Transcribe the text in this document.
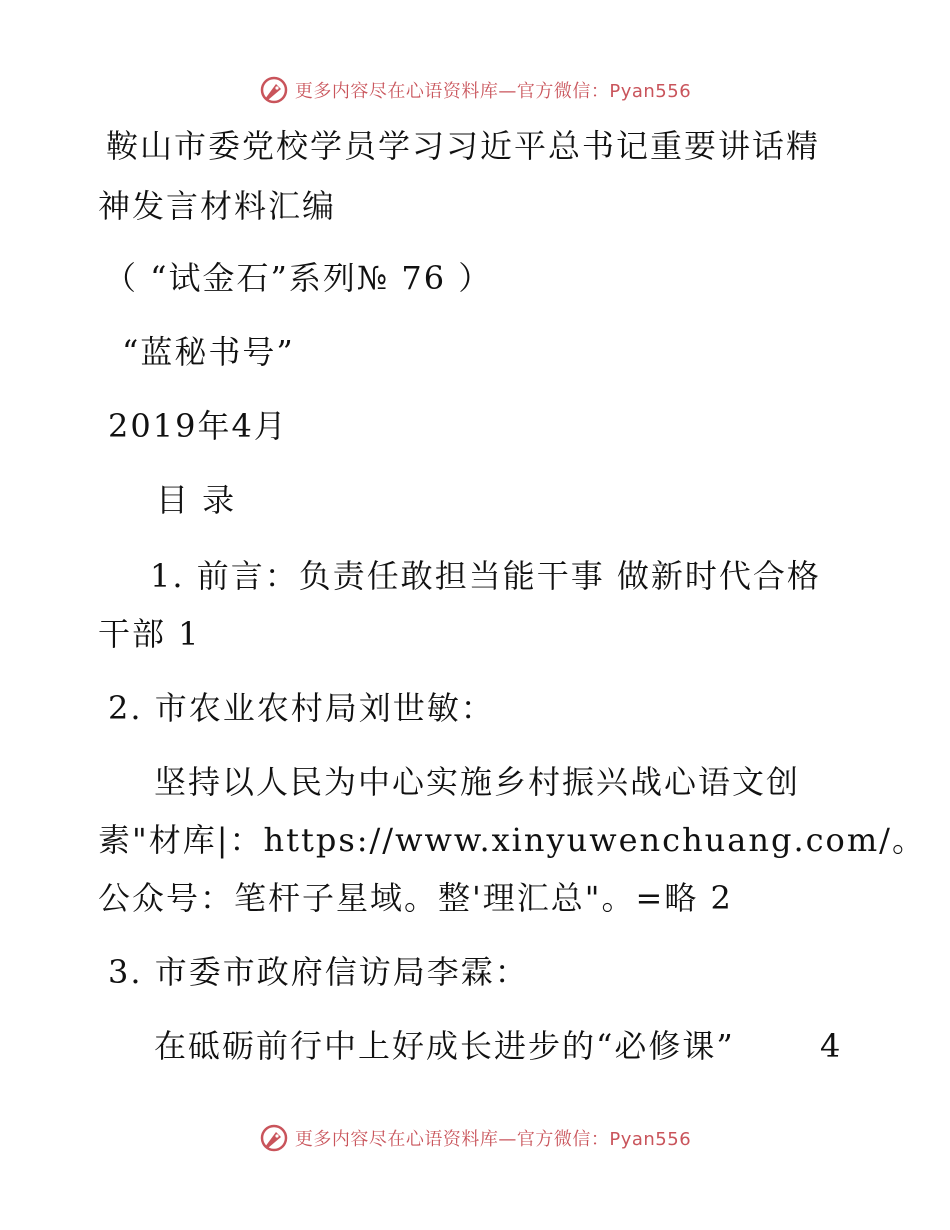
更多内容尽在心语资料库—官方微信：Pyan556
鞍山市委党校学员学习习近平总书记重要讲话精
神发言材料汇编
（ “试金石”系列№ 76 ）
“蓝秘书号”
2019年4月
目 录
1. 前言：负责任敢担当能干事 做新时代合格
干部 1
2. 市农业农村局刘世敏：
坚持以人民为中心实施乡村振兴战心语文创
素"材库|：https://www.xinyuwenchuang.com/。
公众号：笔杆子星域。整'理汇总"。=略 2
3. 市委市政府信访局李霖：
在砥砺前行中上好成长进步的“必修课”	4
更多内容尽在心语资料库—官方微信：Pyan556
